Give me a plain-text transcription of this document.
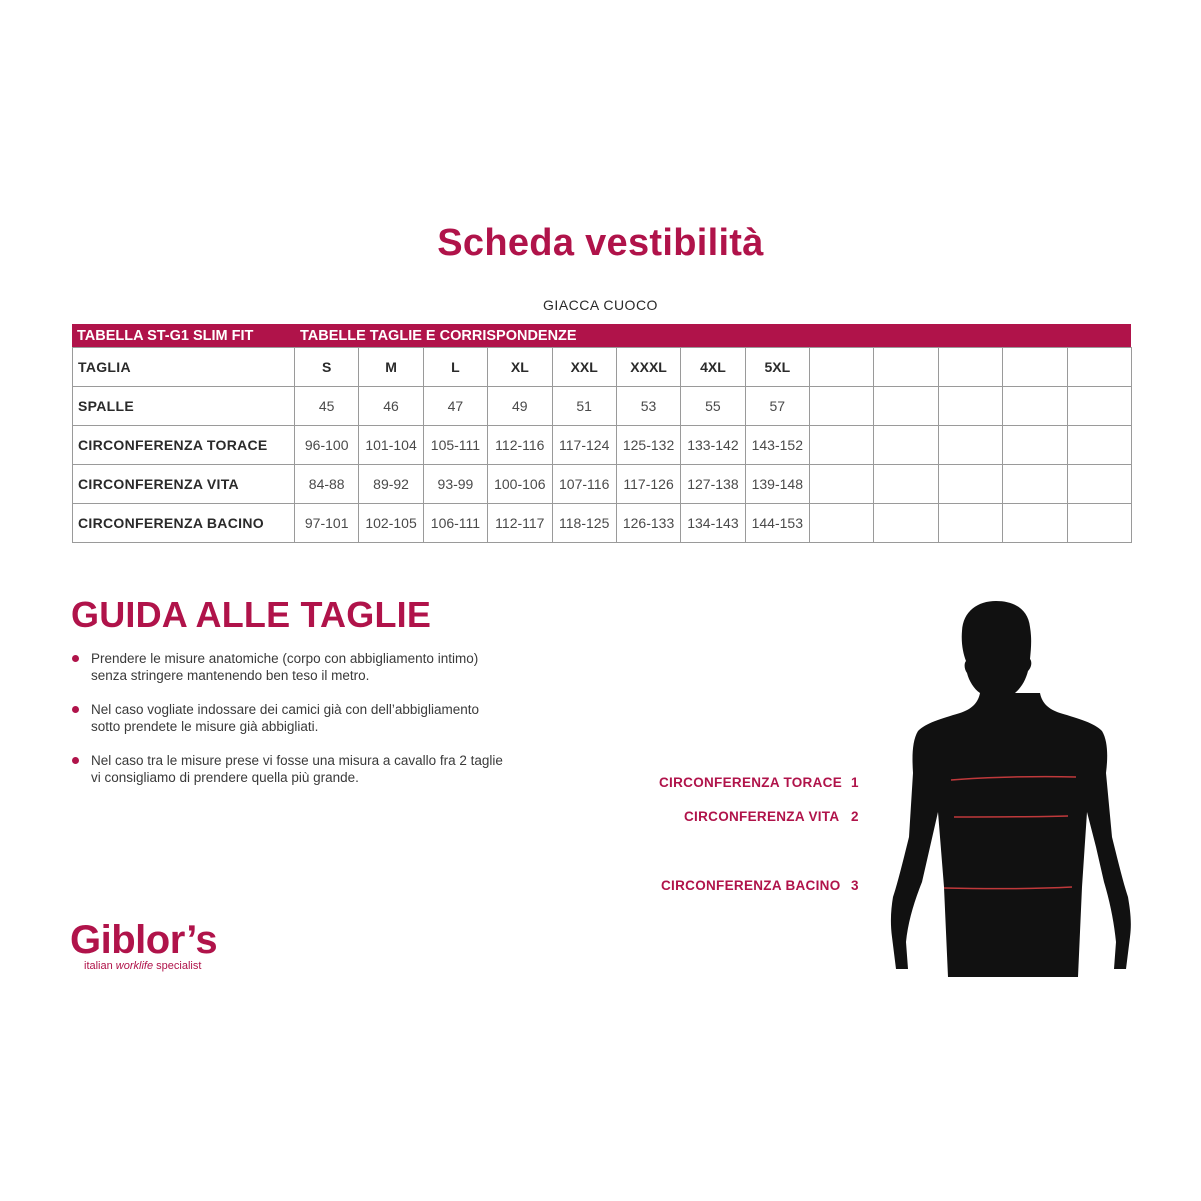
Scheda vestibilità
GIACCA CUOCO
TABELLA ST-G1 SLIM FIT	TABELLE TAGLIE E CORRISPONDENZE
TAGLIA	S	M	L	XL	XXL	XXXL	4XL	5XL					
SPALLE	45	46	47	49	51	53	55	57					
CIRCONFERENZA TORACE	96-100	101-104	105-111	112-116	117-124	125-132	133-142	143-152					
CIRCONFERENZA VITA	84-88	89-92	93-99	100-106	107-116	117-126	127-138	139-148					
CIRCONFERENZA BACINO	97-101	102-105	106-111	112-117	118-125	126-133	134-143	144-153					
GUIDA ALLE TAGLIE
Prendere le misure anatomiche (corpo con abbigliamento intimo)
senza stringere mantenendo ben teso il metro.
Nel caso vogliate indossare dei camici già con dell’abbigliamento
sotto prendete le misure già abbigliati.
Nel caso tra le misure prese vi fosse una misura a cavallo fra 2 taglie
vi consigliamo di prendere quella più grande.
Giblor’s
italian worklife specialist
CIRCONFERENZA TORACE 1
CIRCONFERENZA VITA 2
CIRCONFERENZA BACINO 3
